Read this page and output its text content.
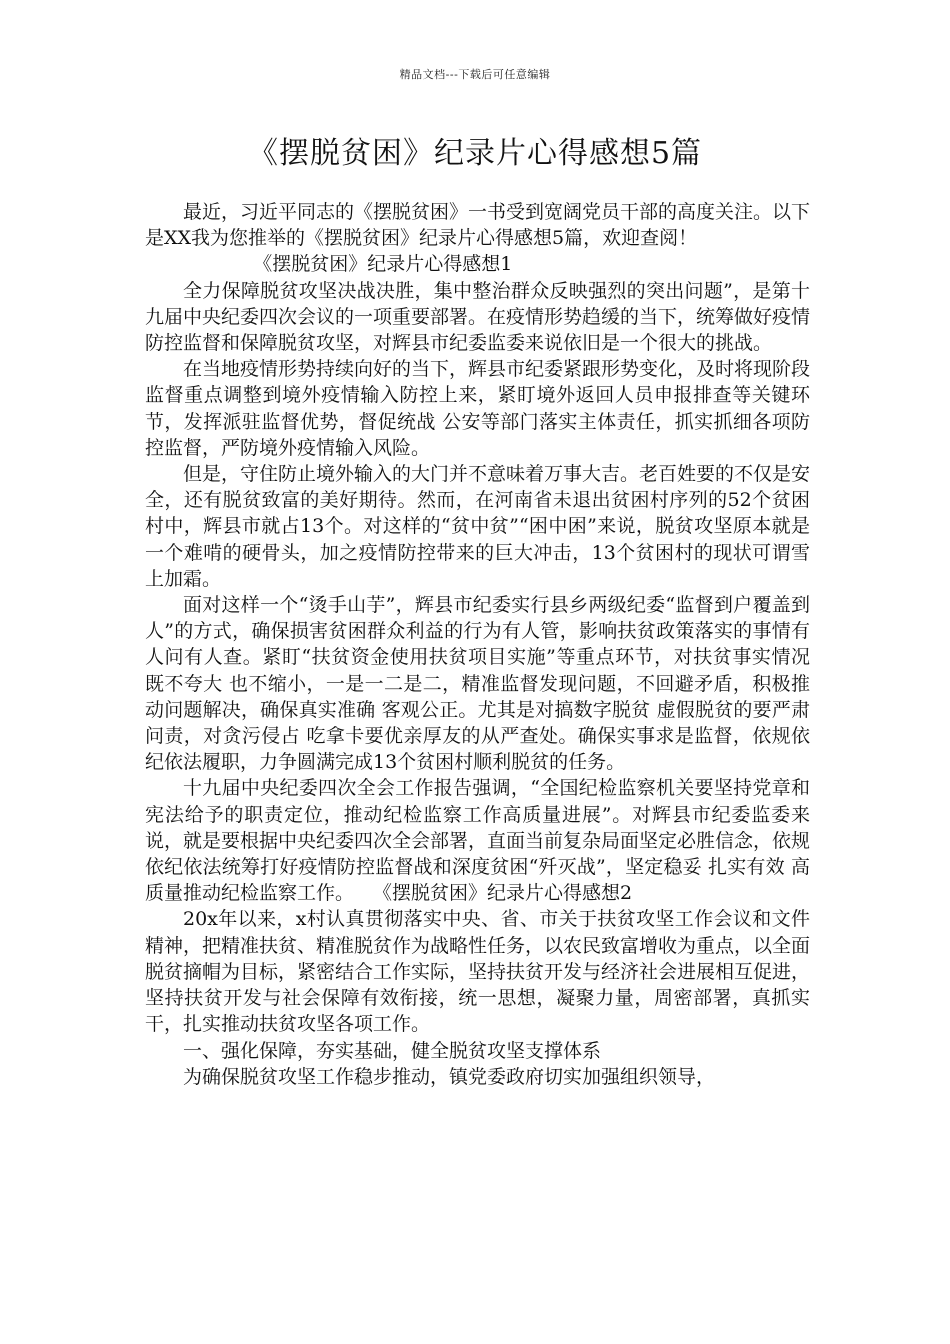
精品文档---下载后可任意编辑
《摆脱贫困》纪录片心得感想5篇

最近，习近平同志的《摆脱贫困》一书受到宽阔党员干部的高度关注。以下是XX我为您推举的《摆脱贫困》纪录片心得感想5篇，欢迎查阅！

《摆脱贫困》纪录片心得感想1

全力保障脱贫攻坚决战决胜，集中整治群众反映强烈的突出问题”，是第十九届中央纪委四次会议的一项重要部署。在疫情形势趋缓的当下，统筹做好疫情防控监督和保障脱贫攻坚，对辉县市纪委监委来说依旧是一个很大的挑战。

在当地疫情形势持续向好的当下，辉县市纪委紧跟形势变化，及时将现阶段监督重点调整到境外疫情输入防控上来，紧盯境外返回人员申报排查等关键环节，发挥派驻监督优势，督促统战 公安等部门落实主体责任，抓实抓细各项防控监督，严防境外疫情输入风险。

但是，守住防止境外输入的大门并不意味着万事大吉。老百姓要的不仅是安全，还有脱贫致富的美好期待。然而，在河南省未退出贫困村序列的52个贫困村中，辉县市就占13个。对这样的“贫中贫”“困中困”来说，脱贫攻坚原本就是一个难啃的硬骨头，加之疫情防控带来的巨大冲击，13个贫困村的现状可谓雪上加霜。

面对这样一个“烫手山芋”，辉县市纪委实行县乡两级纪委“监督到户覆盖到人”的方式，确保损害贫困群众利益的行为有人管，影响扶贫政策落实的事情有人问有人查。紧盯“扶贫资金使用扶贫项目实施”等重点环节，对扶贫事实情况既不夸大 也不缩小，一是一二是二，精准监督发现问题，不回避矛盾，积极推动问题解决，确保真实准确 客观公正。尤其是对搞数字脱贫 虚假脱贫的要严肃问责，对贪污侵占 吃拿卡要优亲厚友的从严查处。确保实事求是监督，依规依纪依法履职，力争圆满完成13个贫困村顺利脱贫的任务。

十九届中央纪委四次全会工作报告强调，“全国纪检监察机关要坚持党章和宪法给予的职责定位，推动纪检监察工作高质量进展”。对辉县市纪委监委来说，就是要根据中央纪委四次全会部署，直面当前复杂局面坚定必胜信念，依规依纪依法统筹打好疫情防控监督战和深度贫困“歼灭战”，坚定稳妥 扎实有效 高质量推动纪检监察工作。　　《摆脱贫困》纪录片心得感想2

20x年以来，x村认真贯彻落实中央、省、市关于扶贫攻坚工作会议和文件精神，把精准扶贫、精准脱贫作为战略性任务，以农民致富增收为重点，以全面脱贫摘帽为目标，紧密结合工作实际，坚持扶贫开发与经济社会进展相互促进，坚持扶贫开发与社会保障有效衔接，统一思想，凝聚力量，周密部署，真抓实干，扎实推动扶贫攻坚各项工作。

一、强化保障，夯实基础，健全脱贫攻坚支撑体系

为确保脱贫攻坚工作稳步推动，镇党委政府切实加强组织领导，
